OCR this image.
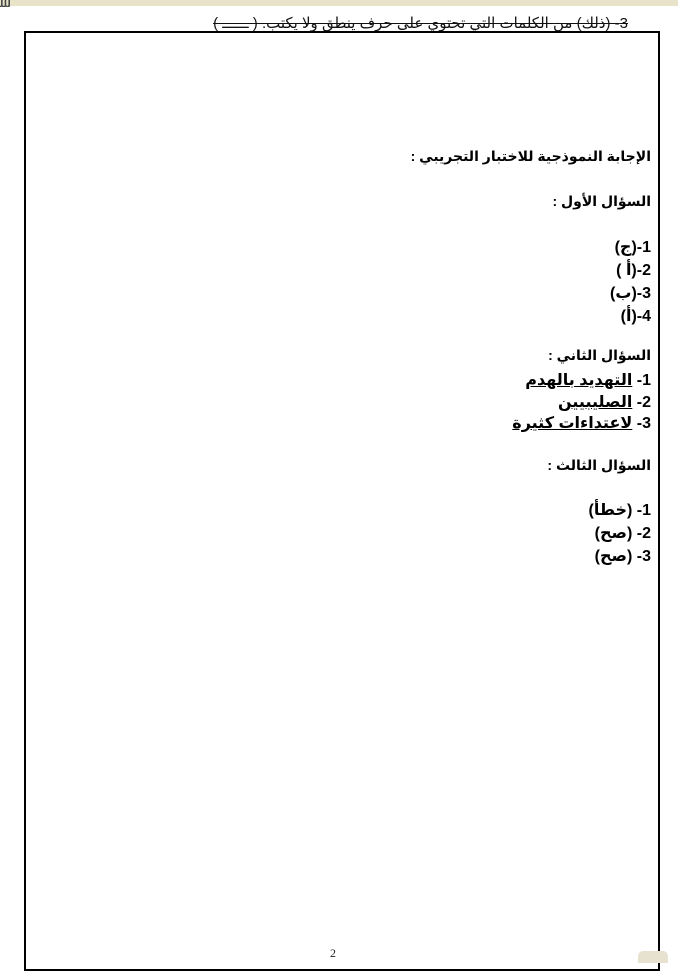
ﻟﻠﻠ
3- (ذلك) من الكلمات التي تحتوي على حرف ينطق ولا يكتب. ( ــــــ )
الإجابة النموذجية للاختبار التجريبي :
السؤال الأول :
1-(ج)
2-(أ )
3-(ب)
4-(أ)
السؤال الثاني :
1- التهديد بالهدم
2- الصليبيين
3- لاعتداءات كثيرة
السؤال الثالث :
1- (خطأ)
2- (صح)
3- (صح)
2
